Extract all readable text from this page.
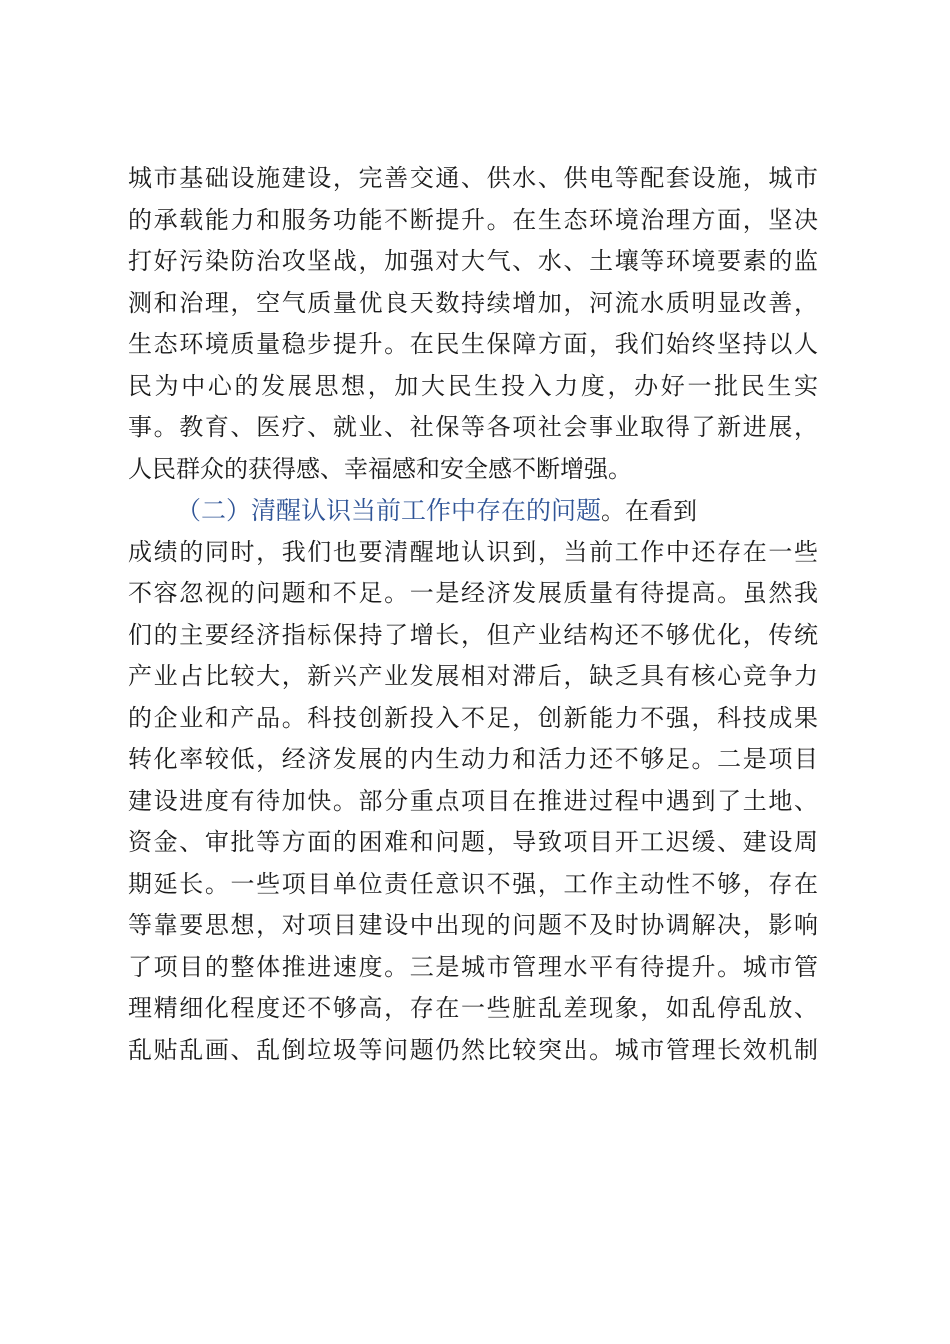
城市基础设施建设，完善交通、供水、供电等配套设施，城市
的承载能力和服务功能不断提升。在生态环境治理方面，坚决
打好污染防治攻坚战，加强对大气、水、土壤等环境要素的监
测和治理，空气质量优良天数持续增加，河流水质明显改善，
生态环境质量稳步提升。在民生保障方面，我们始终坚持以人
民为中心的发展思想，加大民生投入力度，办好一批民生实
事。教育、医疗、就业、社保等各项社会事业取得了新进展，
人民群众的获得感、幸福感和安全感不断增强。
（二）清醒认识当前工作中存在的问题。在看到
成绩的同时，我们也要清醒地认识到，当前工作中还存在一些
不容忽视的问题和不足。一是经济发展质量有待提高。虽然我
们的主要经济指标保持了增长，但产业结构还不够优化，传统
产业占比较大，新兴产业发展相对滞后，缺乏具有核心竞争力
的企业和产品。科技创新投入不足，创新能力不强，科技成果
转化率较低，经济发展的内生动力和活力还不够足。二是项目
建设进度有待加快。部分重点项目在推进过程中遇到了土地、
资金、审批等方面的困难和问题，导致项目开工迟缓、建设周
期延长。一些项目单位责任意识不强，工作主动性不够，存在
等靠要思想，对项目建设中出现的问题不及时协调解决，影响
了项目的整体推进速度。三是城市管理水平有待提升。城市管
理精细化程度还不够高，存在一些脏乱差现象，如乱停乱放、
乱贴乱画、乱倒垃圾等问题仍然比较突出。城市管理长效机制
